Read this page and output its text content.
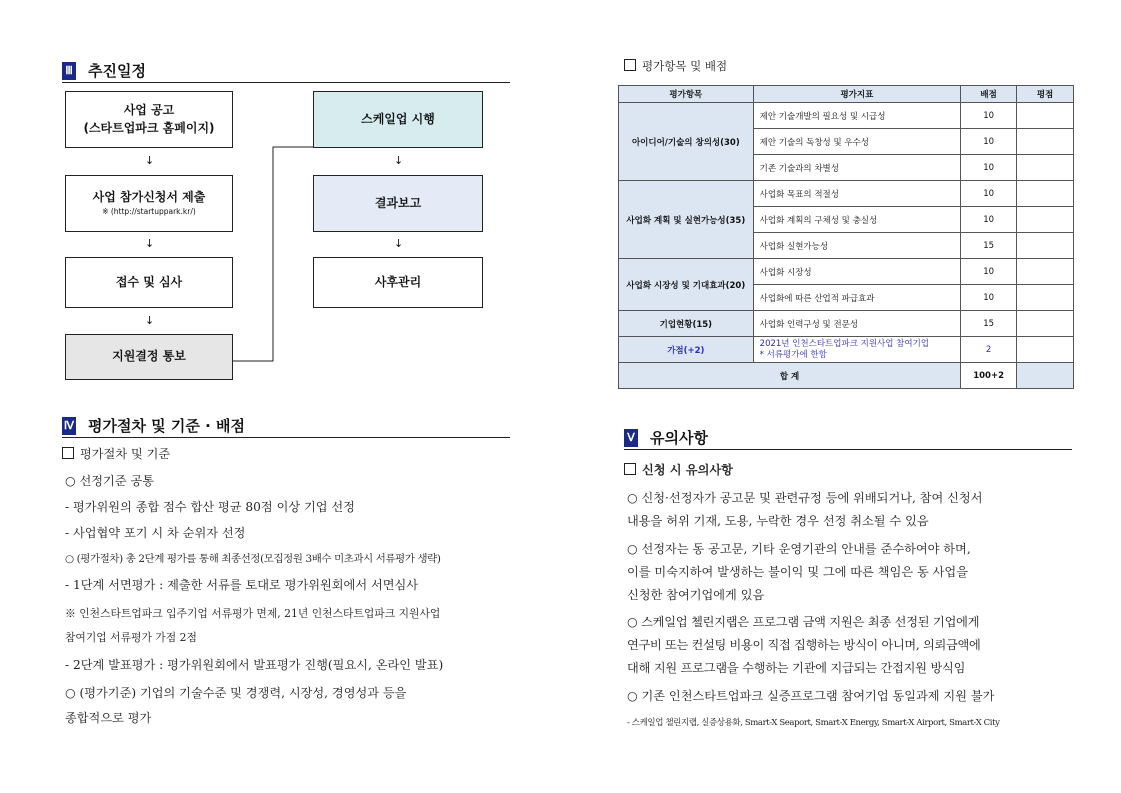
Ⅲ 추진일정
사업 공고
(스타트업파크 홈페이지)
↓
사업 참가신청서 제출
※ (http://startuppark.kr/)
↓
접수 및 심사
↓
지원결정 통보
스케일업 시행
↓
결과보고
↓
사후관리
Ⅳ 평가절차 및 기준 · 배점
평가절차 및 기준
○ 선정기준 공통
- 평가위원의 종합 점수 합산 평균 80점 이상 기업 선정
- 사업협약 포기 시 차 순위자 선정
○ (평가절차) 총 2단계 평가를 통해 최종선정(모집정원 3배수 미초과시 서류평가 생략)
- 1단계 서면평가 : 제출한 서류를 토대로 평가위원회에서 서면심사
※ 인천스타트업파크 입주기업 서류평가 면제, 21년 인천스타트업파크 지원사업
참여기업 서류평가 가점 2점
- 2단계 발표평가 : 평가위원회에서 발표평가 진행(필요시, 온라인 발표)
○ (평가기준) 기업의 기술수준 및 경쟁력, 시장성, 경영성과 등을
종합적으로 평가
평가항목 및 배점
평가항목	평가지표	배점	평점
아이디어/기술의 창의성(30)	제안 기술개발의 필요성 및 시급성	10	
	제안 기술의 독창성 및 우수성	10	
	기존 기술과의 차별성	10	
사업화 계획 및 실현가능성(35)	사업화 목표의 적절성	10	
	사업화 계획의 구체성 및 충실성	10	
	사업화 실현가능성	15	
사업화 시장성 및 기대효과(20)	사업화 시장성	10	
	사업화에 따른 산업적 파급효과	10	
기업현황(15)	사업화 인력구성 및 전문성	15	
가점(+2)	2021년 인천스타트업파크 지원사업 참여기업
* 서류평가에 한함	2	
합 계		100+2	
Ⅴ 유의사항
신청 시 유의사항
○ 신청·선정자가 공고문 및 관련규정 등에 위배되거나, 참여 신청서
내용을 허위 기재, 도용, 누락한 경우 선정 취소될 수 있음
○ 선정자는 동 공고문, 기타 운영기관의 안내를 준수하여야 하며,
이를 미숙지하여 발생하는 불이익 및 그에 따른 책임은 동 사업을
신청한 참여기업에게 있음
○ 스케일업 첼린지랩은 프로그램 금액 지원은 최종 선정된 기업에게
연구비 또는 컨설팅 비용이 직접 집행하는 방식이 아니며, 의뢰금액에
대해 지원 프로그램을 수행하는 기관에 지급되는 간접지원 방식임
○ 기존 인천스타트업파크 실증프로그램 참여기업 동일과제 지원 불가
- 스케일업 챌린지랩, 실증상용화, Smart-X Seaport, Smart-X Energy, Smart-X Airport, Smart-X City
